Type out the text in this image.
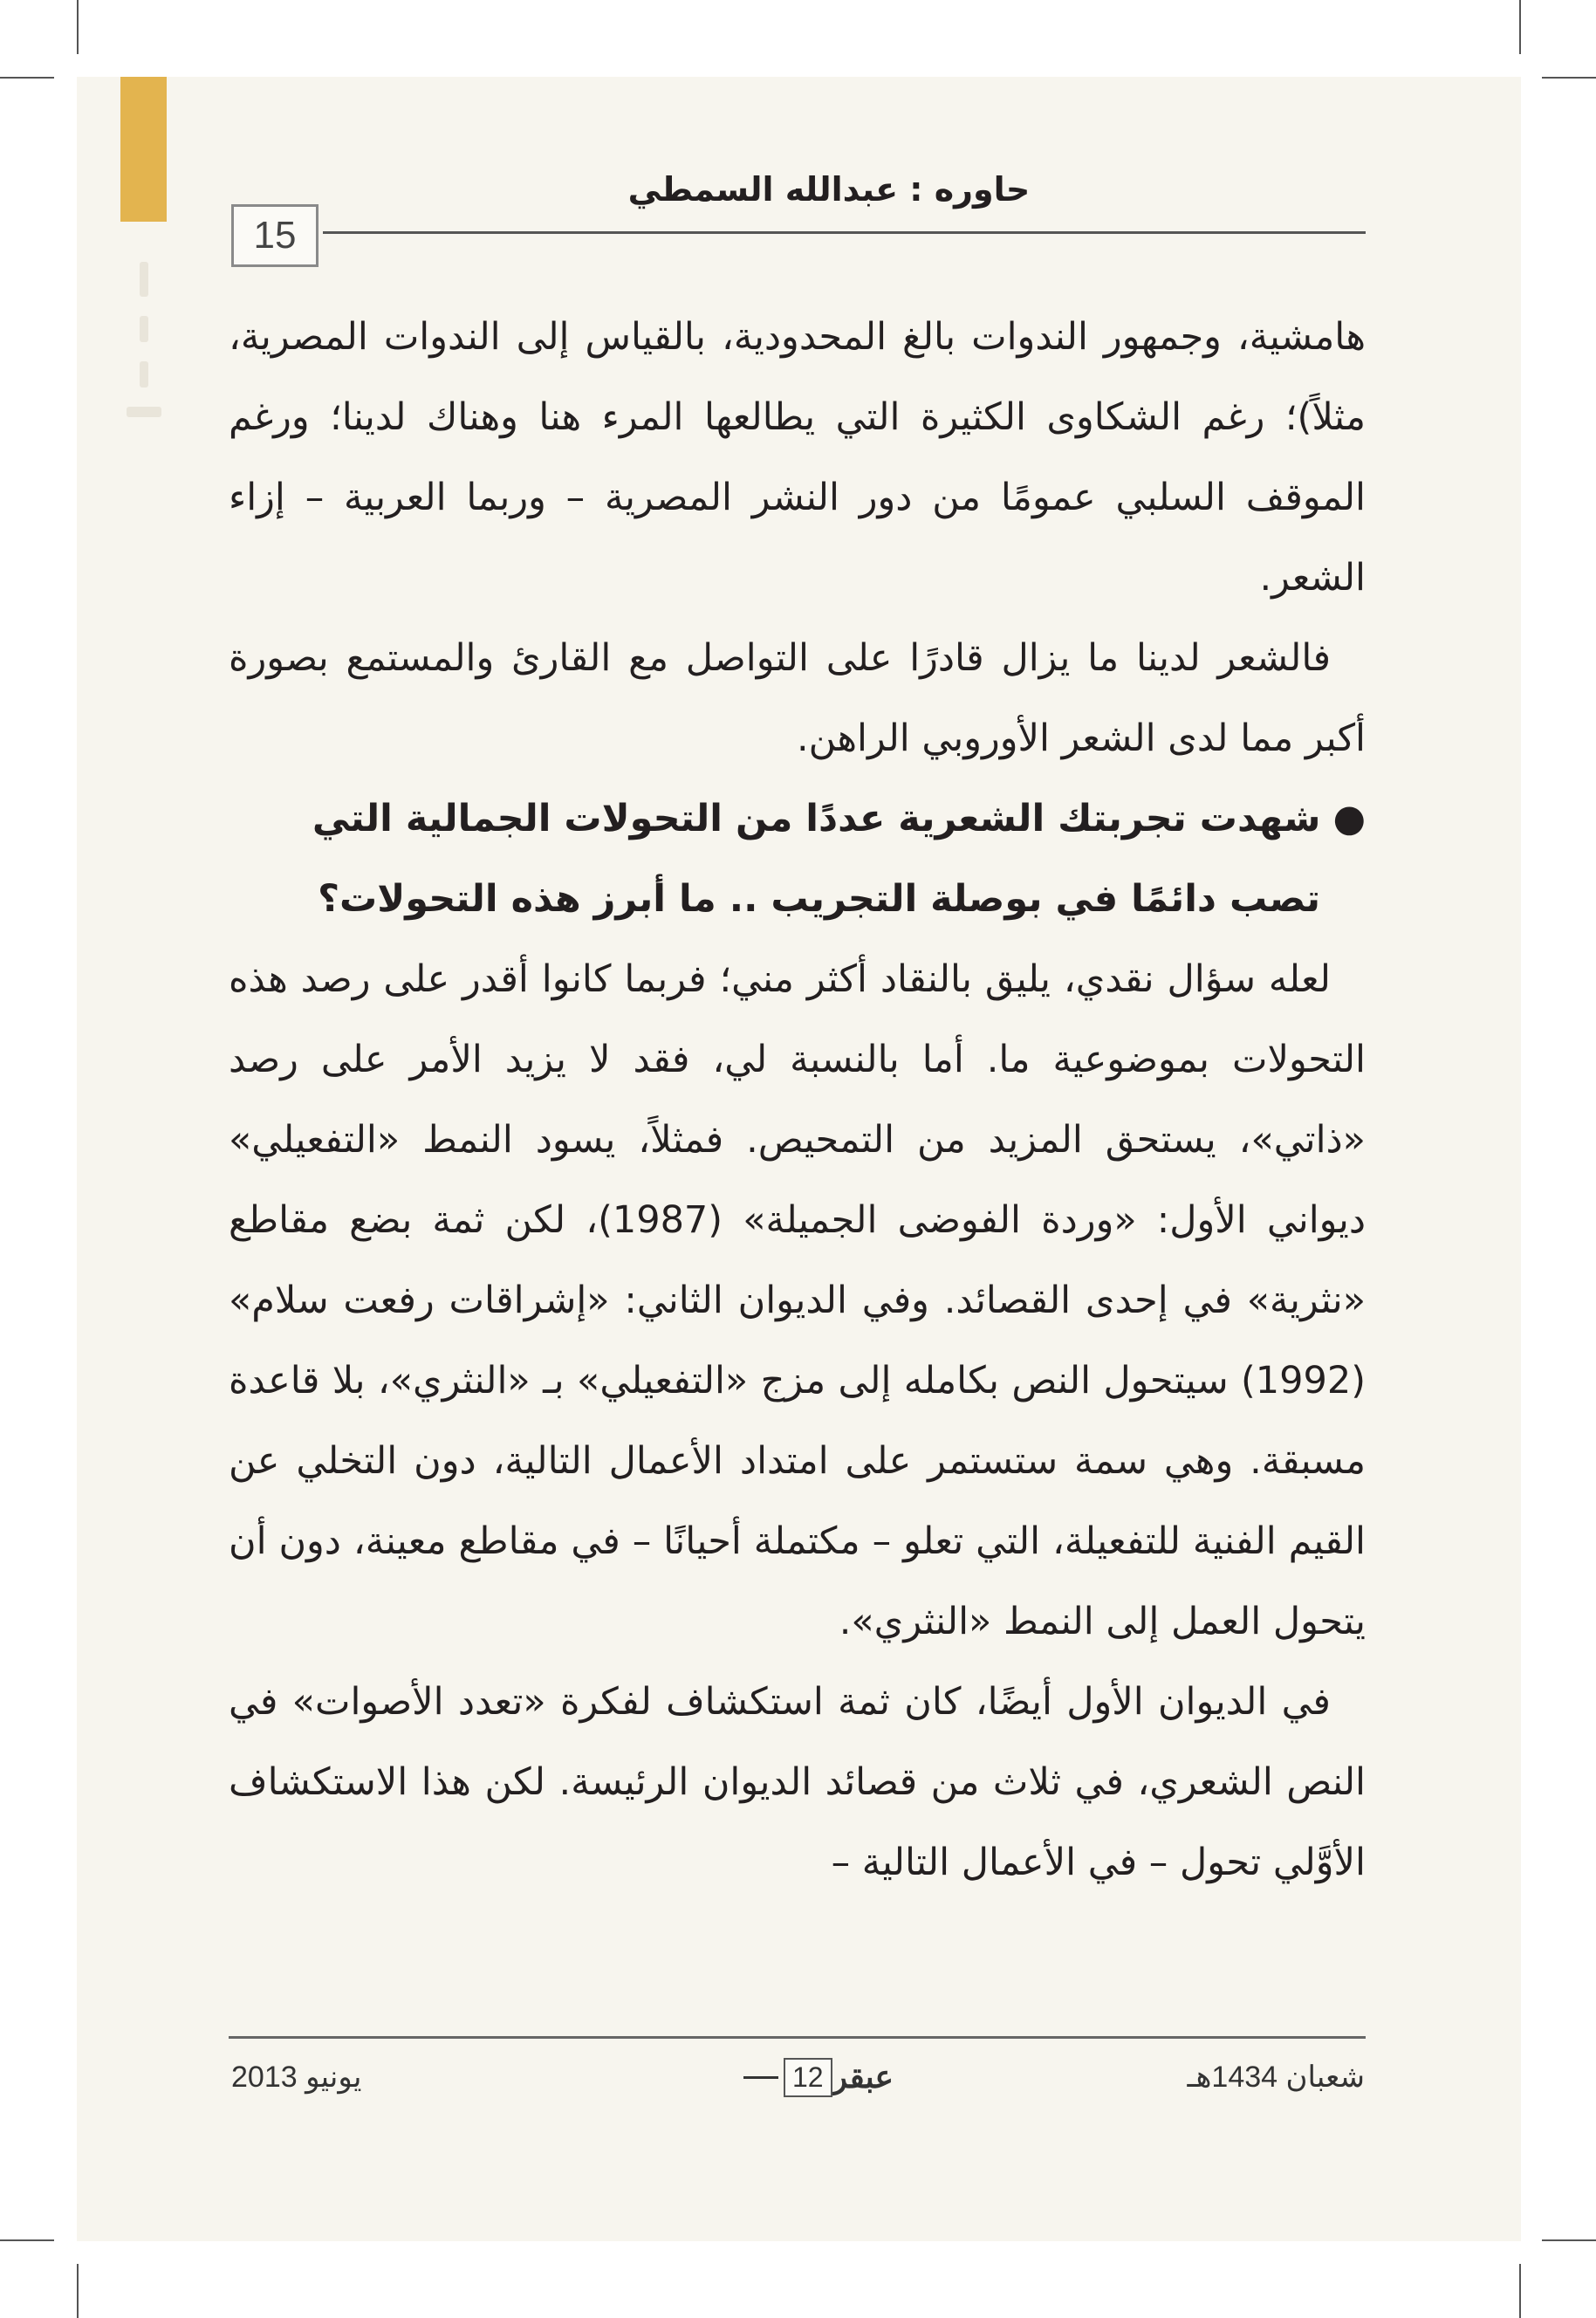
حاوره : عبدالله السمطي
15

هامشية، وجمهور الندوات بالغ المحدودية، بالقياس إلى الندوات المصرية، مثلاً)؛ رغم الشكاوى الكثيرة التي يطالعها المرء هنا وهناك لدينا؛ ورغم الموقف السلبي عمومًا من دور النشر المصرية – وربما العربية – إزاء الشعر.

فالشعر لدينا ما يزال قادرًا على التواصل مع القارئ والمستمع بصورة أكبر مما لدى الشعر الأوروبي الراهن.

●شهدت تجربتك الشعرية عددًا من التحولات الجمالية التي

تصب دائمًا في بوصلة التجريب .. ما أبرز هذه التحولات؟

لعله سؤال نقدي، يليق بالنقاد أكثر مني؛ فربما كانوا أقدر على رصد هذه التحولات بموضوعية ما. أما بالنسبة لي، فقد لا يزيد الأمر على رصد «ذاتي»، يستحق المزيد من التمحيص. فمثلاً، يسود النمط «التفعيلي» ديواني الأول: «وردة الفوضى الجميلة» (1987)، لكن ثمة بضع مقاطع «نثرية» في إحدى القصائد. وفي الديوان الثاني: «إشراقات رفعت سلام» (1992) سيتحول النص بكامله إلى مزج «التفعيلي» بـ «النثري»، بلا قاعدة مسبقة. وهي سمة ستستمر على امتداد الأعمال التالية، دون التخلي عن القيم الفنية للتفعيلة، التي تعلو – مكتملة أحيانًا – في مقاطع معينة، دون أن يتحول العمل إلى النمط «النثري».

في الديوان الأول أيضًا، كان ثمة استكشاف لفكرة «تعدد الأصوات» في النص الشعري، في ثلاث من قصائد الديوان الرئيسة. لكن هذا الاستكشاف الأوَّلي تحول – في الأعمال التالية –

شعبان 1434هـ
يونيو 2013	عبقر
12
